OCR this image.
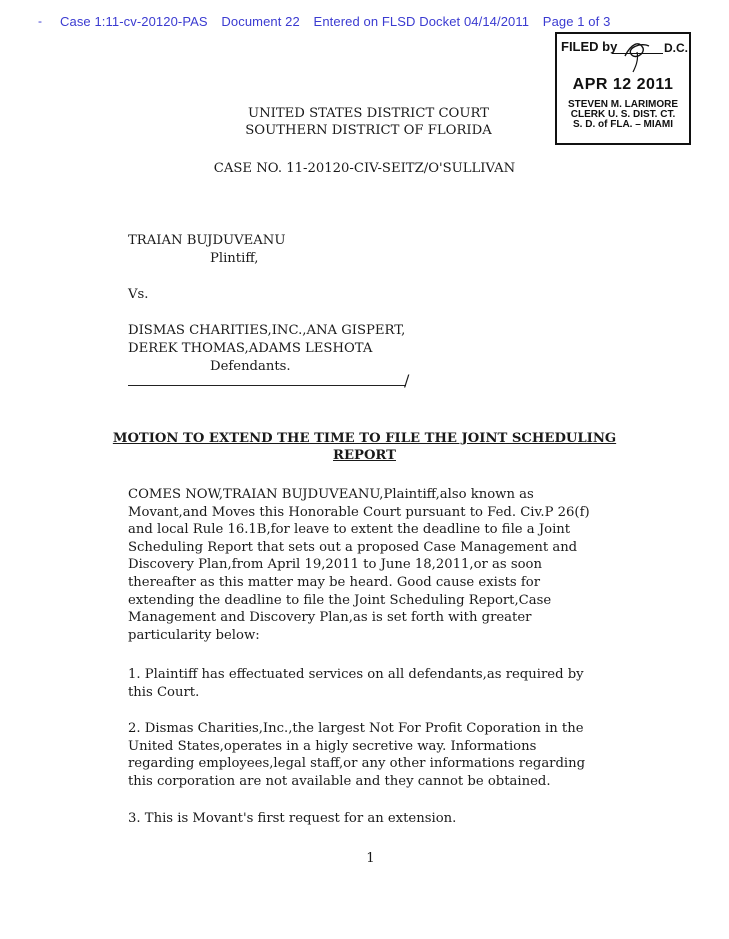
- Case 1:11-cv-20120-PAS Document 22 Entered on FLSD Docket 04/14/2011 Page 1 of 3
FILED by	D.C.
APR 12 2011
STEVEN M. LARIMORE
CLERK U. S. DIST. CT.
S. D. of FLA. – MIAMI
UNITED STATES DISTRICT COURT
SOUTHERN DISTRICT OF FLORIDA
CASE NO. 11-20120-CIV-SEITZ/O'SULLIVAN
TRAIAN BUJDUVEANU
Plintiff,
Vs.
DISMAS CHARITIES,INC.,ANA GISPERT,
DEREK THOMAS,ADAMS LESHOTA
Defendants.
/
MOTION TO EXTEND THE TIME TO FILE THE JOINT SCHEDULING
REPORT
COMES NOW,TRAIAN BUJDUVEANU,Plaintiff,also known as
Movant,and Moves this Honorable Court pursuant to Fed. Civ.P 26(f)
and local Rule 16.1B,for leave to extent the deadline to file a Joint
Scheduling Report that sets out a proposed Case Management and
Discovery Plan,from April 19,2011 to June 18,2011,or as soon
thereafter as this matter may be heard. Good cause exists for
extending the deadline to file the Joint Scheduling Report,Case
Management and Discovery Plan,as is set forth with greater
particularity below:
1. Plaintiff has effectuated services on all defendants,as required by
this Court.
2. Dismas Charities,Inc.,the largest Not For Profit Coporation in the
United States,operates in a higly secretive way. Informations
regarding employees,legal staff,or any other informations regarding
this corporation are not available and they cannot be obtained.
3. This is Movant's first request for an extension.
1
